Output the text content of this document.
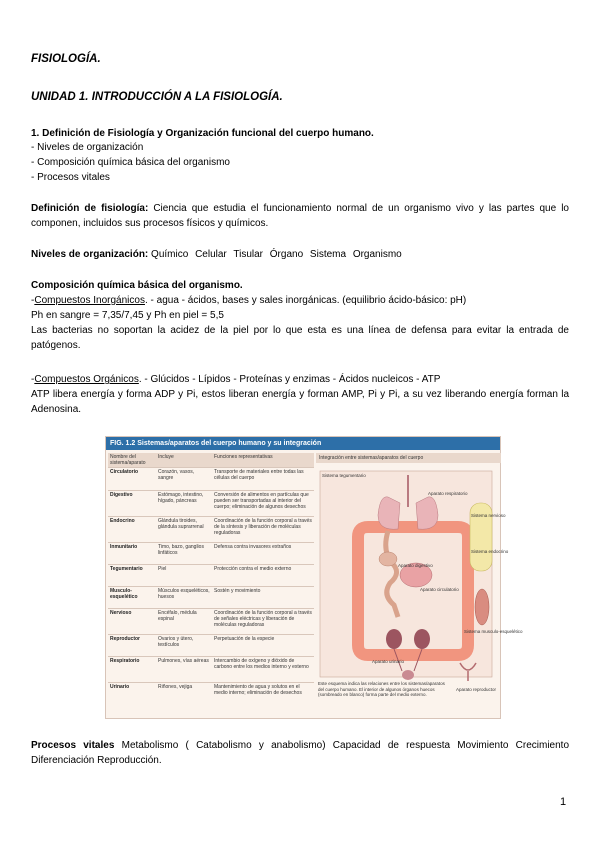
FISIOLOGÍA.
UNIDAD 1. INTRODUCCIÓN A LA FISIOLOGÍA.
1. Definición de Fisiología y Organización funcional del cuerpo humano.
- Niveles de organización
- Composición química básica del organismo
- Procesos vitales
Definición de fisiología: Ciencia que estudia el funcionamiento normal de un organismo vivo y las partes que lo componen, incluidos sus procesos físicos y químicos.
Niveles de organización: Químico Celular Tisular Órgano Sistema Organismo
Composición química básica del organismo.
-Compuestos Inorgánicos. - agua - ácidos, bases y sales inorgánicas. (equilibrio ácido-básico: pH)
Ph en sangre = 7,35/7,45 y Ph en piel = 5,5
Las bacterias no soportan la acidez de la piel por lo que esta es una línea de defensa para evitar la entrada de patógenos.
-Compuestos Orgánicos. - Glúcidos - Lípidos - Proteínas y enzimas - Ácidos nucleicos - ATP
ATP libera energía y forma ADP y Pi, estos liberan energía y forman AMP, Pi y Pi, a su vez liberando energía forman la Adenosina.
FIG. 1.2 Sistemas/aparatos del cuerpo humano y su integración
Nombre del sistema/aparato	Incluye	Funciones representativas
Circulatorio	Corazón, vasos, sangre	Transporte de materiales entre todas las células del cuerpo
Digestivo	Estómago, intestino, hígado, páncreas	Conversión de alimentos en partículas que pueden ser transportadas al interior del cuerpo; eliminación de algunos desechos
Endocrino	Glándula tiroides, glándula suprarrenal	Coordinación de la función corporal a través de la síntesis y liberación de moléculas reguladoras
Inmunitario	Timo, bazo, ganglios linfáticos	Defensa contra invasores extraños
Tegumentario	Piel	Protección contra el medio externo
Musculo-esquelético	Músculos esqueléticos, huesos	Sostén y movimiento
Nervioso	Encéfalo, médula espinal	Coordinación de la función corporal a través de señales eléctricas y liberación de moléculas reguladoras
Reproductor	Ovarios y útero, testículos	Perpetuación de la especie
Respiratorio	Pulmones, vías aéreas	Intercambio de oxígeno y dióxido de carbono entre los medios interno y externo
Urinario	Riñones, vejiga	Mantenimiento de agua y solutos en el medio interno; eliminación de desechos
Integración entre sistemas/aparatos del cuerpo
Sistema tegumentario
Aparato respiratorio
Aparato circulatorio
Aparato digestivo
Aparato urinario
Sistema nervioso
Sistema endocrino
Sistema musculo-esquelético
Aparato reproductor
Este esquema indica las relaciones entre los sistemas/aparatos del cuerpo humano. El interior de algunos órganos huecos (sombreado en blanco) forma parte del medio externo.
Procesos vitales Metabolismo ( Catabolismo y anabolismo) Capacidad de respuesta Movimiento Crecimiento Diferenciación Reproducción.
1
